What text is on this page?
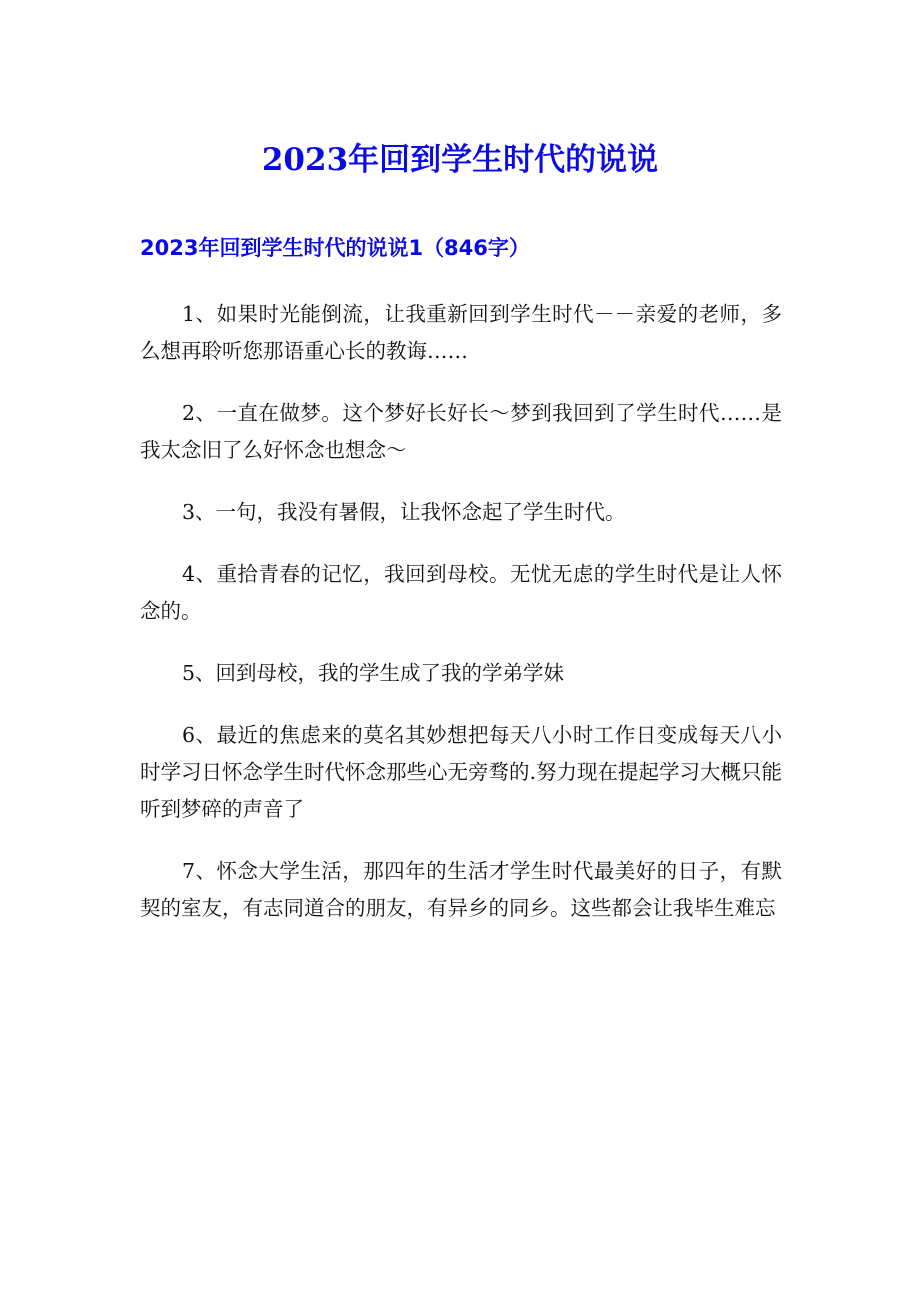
2023年回到学生时代的说说
2023年回到学生时代的说说1（846字）

1、如果时光能倒流，让我重新回到学生时代－－亲爱的老师，多么想再聆听您那语重心长的教诲……

2、一直在做梦。这个梦好长好长～梦到我回到了学生时代……是我太念旧了么好怀念也想念～

3、一句，我没有暑假，让我怀念起了学生时代。

4、重拾青春的记忆，我回到母校。无忧无虑的学生时代是让人怀念的。

5、回到母校，我的学生成了我的学弟学妹

6、最近的焦虑来的莫名其妙想把每天八小时工作日变成每天八小时学习日怀念学生时代怀念那些心无旁骛的.努力现在提起学习大概只能听到梦碎的声音了

7、怀念大学生活，那四年的生活才学生时代最美好的日子，有默契的室友，有志同道合的朋友，有异乡的同乡。这些都会让我毕生难忘
